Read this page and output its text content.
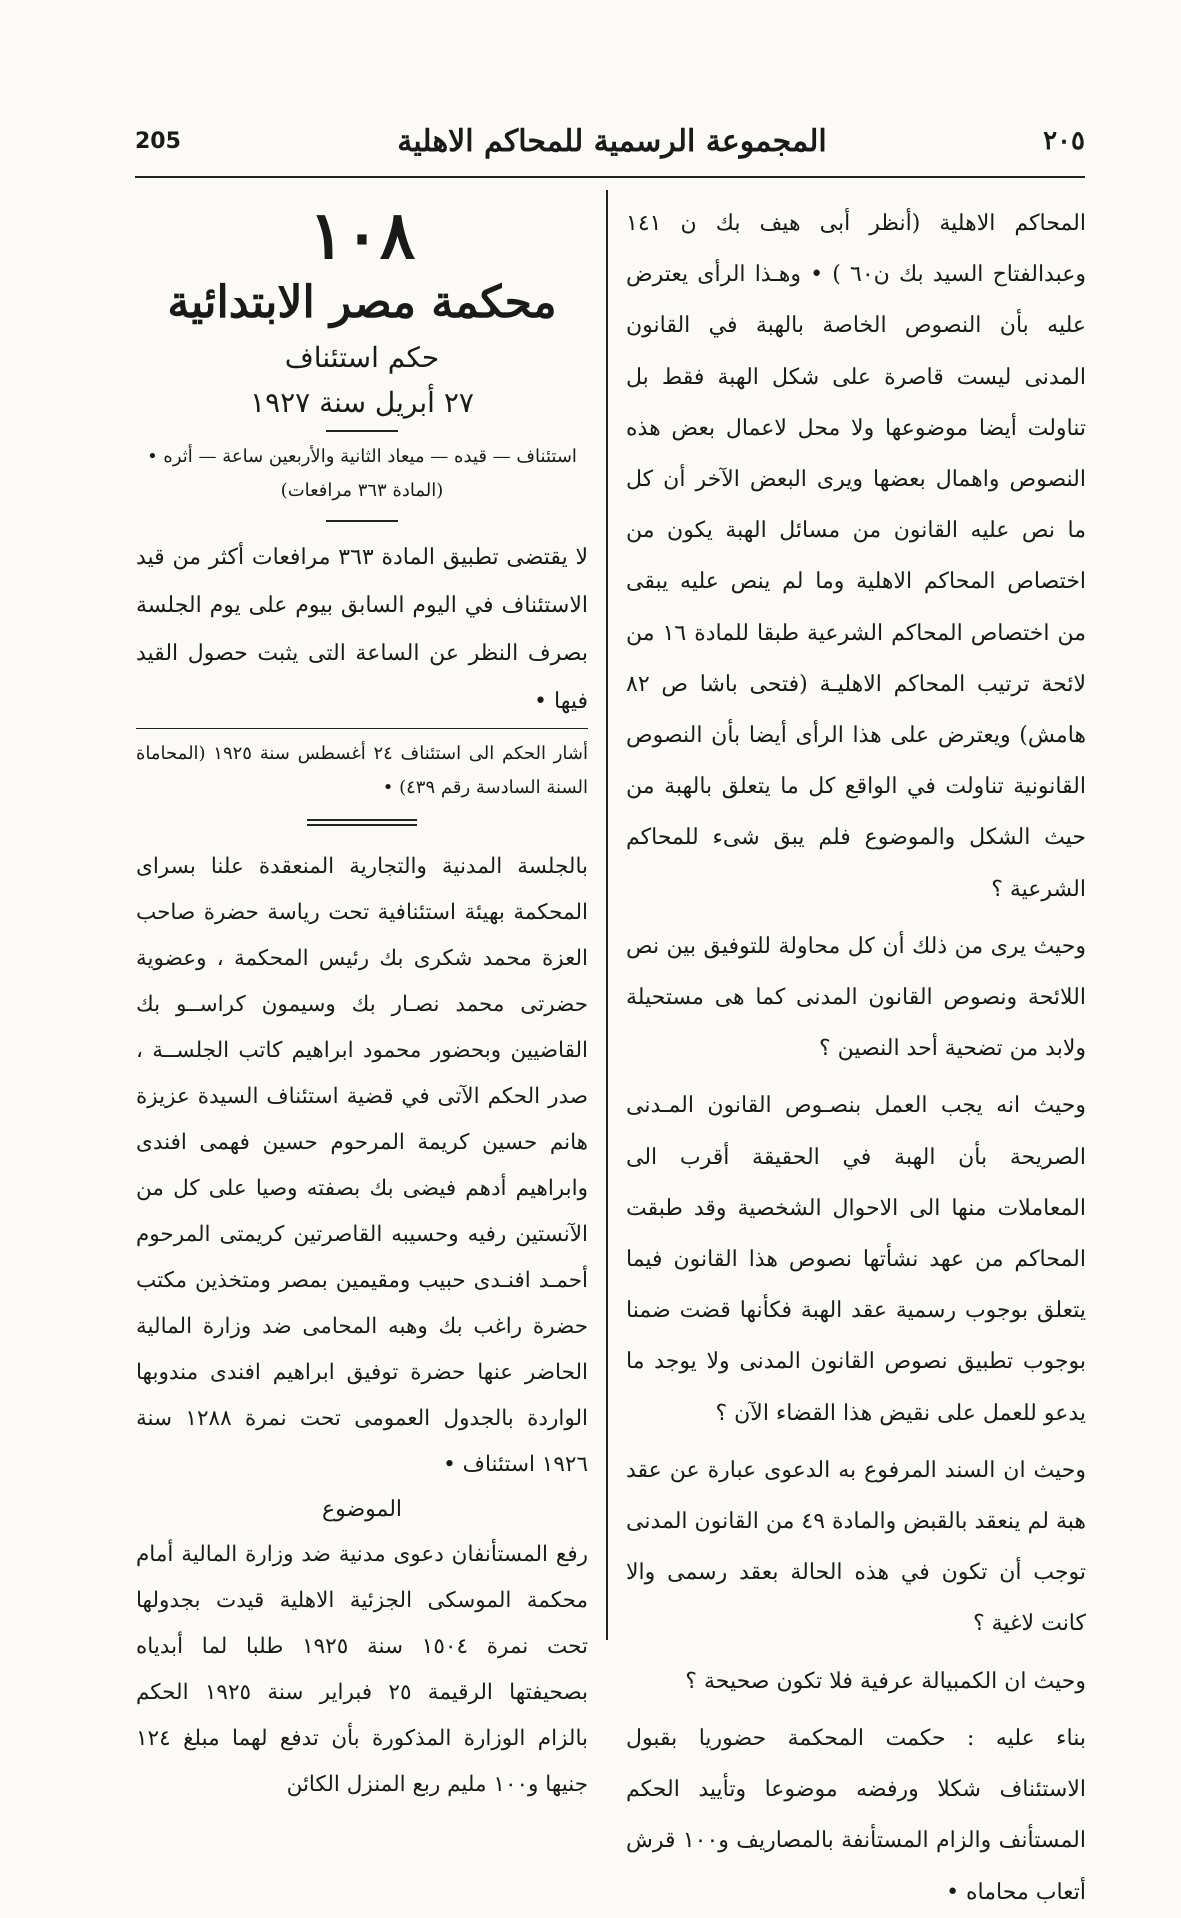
٢٠٥
المجموعة الرسمية للمحاكم الاهلية
205

المحاكم الاهلية (أنظر أبى هيف بك ن ١٤١ وعبدالفتاح السيد بك ن٦٠ ) • وهـذا الرأى يعترض عليه بأن النصوص الخاصة بالهبة في القانون المدنى ليست قاصرة على شكل الهبة فقط بل تناولت أيضا موضوعها ولا محل لاعمال بعض هذه النصوص واهمال بعضها ويرى البعض الآخر أن كل ما نص عليه القانون من مسائل الهبة يكون من اختصاص المحاكم الاهلية وما لم ينص عليه يبقى من اختصاص المحاكم الشرعية طبقا للمادة ١٦ من لائحة ترتيب المحاكم الاهليـة (فتحى باشا ص ٨٢ هامش) ويعترض على هذا الرأى أيضا بأن النصوص القانونية تناولت في الواقع كل ما يتعلق بالهبة من حيث الشكل والموضوع فلم يبق شىء للمحاكم الشرعية ؟

وحيث يرى من ذلك أن كل محاولة للتوفيق بين نص اللائحة ونصوص القانون المدنى كما هى مستحيلة ولابد من تضحية أحد النصين ؟

وحيث انه يجب العمل بنصـوص القانون المـدنى الصريحة بأن الهبة في الحقيقة أقرب الى المعاملات منها الى الاحوال الشخصية وقد طبقت المحاكم من عهد نشأتها نصوص هذا القانون فيما يتعلق بوجوب رسمية عقد الهبة فكأنها قضت ضمنا بوجوب تطبيق نصوص القانون المدنى ولا يوجد ما يدعو للعمل على نقيض هذا القضاء الآن ؟

وحيث ان السند المرفوع به الدعوى عبارة عن عقد هبة لم ينعقد بالقبض والمادة ٤٩ من القانون المدنى توجب أن تكون في هذه الحالة بعقد رسمى والا كانت لاغية ؟

وحيث ان الكمبيالة عرفية فلا تكون صحيحة ؟

بناء عليه : حكمت المحكمة حضوريا بقبول الاستئناف شكلا ورفضه موضوعا وتأييد الحكم المستأنف والزام المستأنفة بالمصاريف و١٠٠ قرش أتعاب محاماه •

١٠٨

محكمة مصر الابتدائية

حكم استئناف

٢٧ أبريل سنة ١٩٢٧

استئناف — قيده — ميعاد الثانية والأربعين ساعة — أثره •

(المادة ٣٦٣ مرافعات)

لا يقتضى تطبيق المادة ٣٦٣ مرافعات أكثر من قيد الاستئناف في اليوم السابق بيوم على يوم الجلسة بصرف النظر عن الساعة التى يثبت حصول القيد فيها •

أشار الحكم الى استئناف ٢٤ أغسطس سنة ١٩٢٥ (المحاماة السنة السادسة رقم ٤٣٩) •

بالجلسة المدنية والتجارية المنعقدة علنا بسراى المحكمة بهيئة استئنافية تحت رياسة حضرة صاحب العزة محمد شكرى بك رئيس المحكمة ، وعضوية حضرتى محمد نصـار بك وسيمون كراســو بك القاضيين وبحضور محمود ابراهيم كاتب الجلســة ، صدر الحكم الآتى في قضية استئناف السيدة عزيزة هانم حسين كريمة المرحوم حسين فهمى افندى وابراهيم أدهم فيضى بك بصفته وصيا على كل من الآنستين رفيه وحسيبه القاصرتين كريمتى المرحوم أحمـد افنـدى حبيب ومقيمين بمصر ومتخذين مكتب حضرة راغب بك وهبه المحامى ضد وزارة المالية الحاضر عنها حضرة توفيق ابراهيم افندى مندوبها الواردة بالجدول العمومى تحت نمرة ١٢٨٨ سنة ١٩٢٦ استئناف •

الموضوع

رفع المستأنفان دعوى مدنية ضد وزارة المالية أمام محكمة الموسكى الجزئية الاهلية قيدت بجدولها تحت نمرة ١٥٠٤ سنة ١٩٢٥ طلبا لما أبدياه بصحيفتها الرقيمة ٢٥ فبراير سنة ١٩٢٥ الحكم بالزام الوزارة المذكورة بأن تدفع لهما مبلغ ١٢٤ جنيها و١٠٠ مليم ربع المنزل الكائن
